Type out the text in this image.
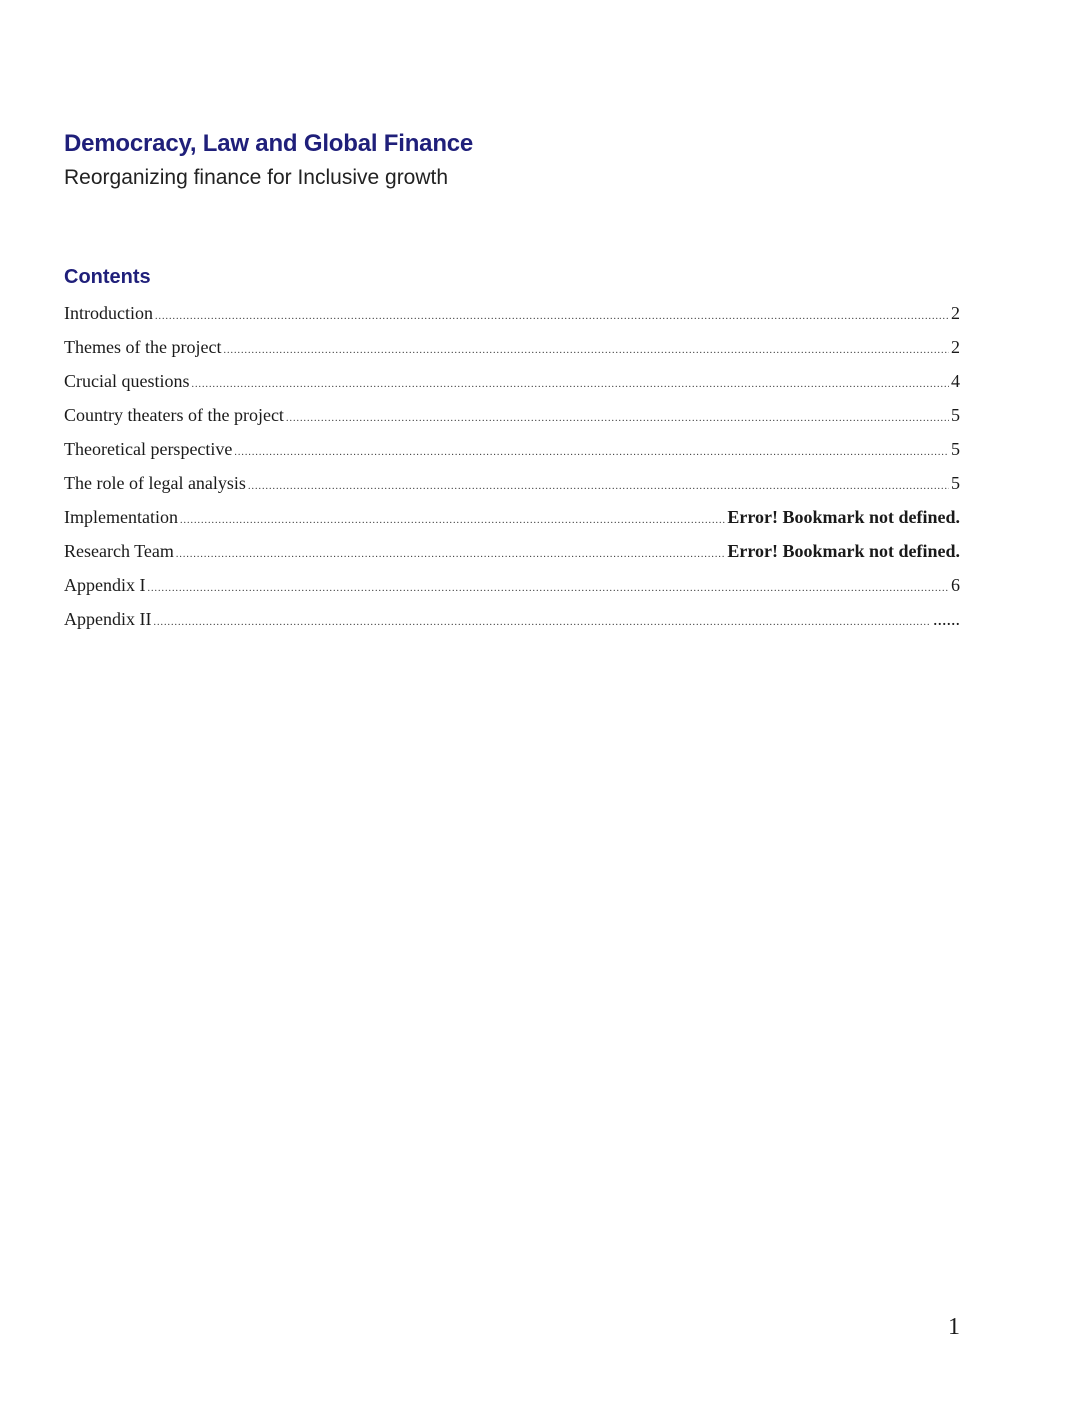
Democracy, Law and Global Finance
Reorganizing finance for Inclusive growth
Contents
Introduction .....	2
Themes of the project .....	2
Crucial questions .....	4
Country theaters of the project .....	5
Theoretical perspective .....	5
The role of legal analysis .....	5
Implementation .....	Error! Bookmark not defined.
Research Team .....	Error! Bookmark not defined.
Appendix I .....	6
Appendix II .....	......
1
